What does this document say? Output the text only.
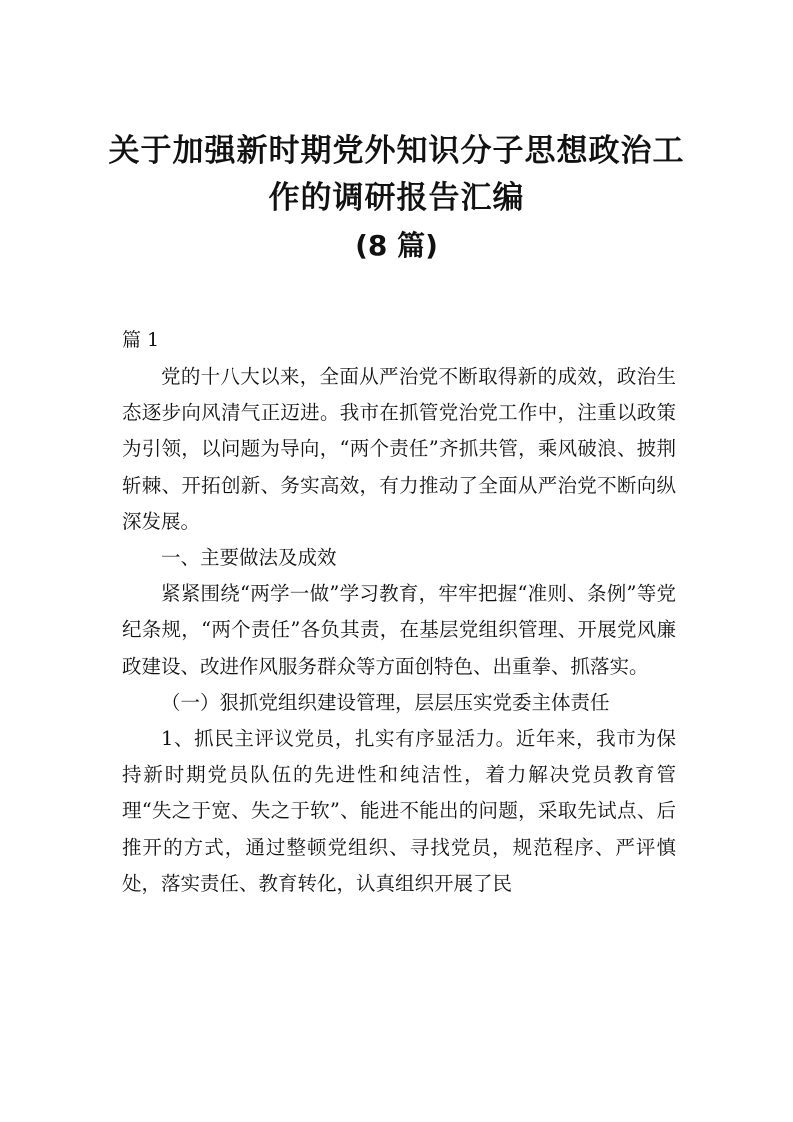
关于加强新时期党外知识分子思想政治工
作的调研报告汇编
(8 篇)
篇 1

党的十八大以来，全面从严治党不断取得新的成效，政治生态逐步向风清气正迈进。我市在抓管党治党工作中，注重以政策为引领，以问题为导向，“两个责任”齐抓共管，乘风破浪、披荆斩棘、开拓创新、务实高效，有力推动了全面从严治党不断向纵深发展。

一、主要做法及成效

紧紧围绕“两学一做”学习教育，牢牢把握“准则、条例”等党纪条规，“两个责任”各负其责，在基层党组织管理、开展党风廉政建设、改进作风服务群众等方面创特色、出重拳、抓落实。

（一）狠抓党组织建设管理，层层压实党委主体责任

1、抓民主评议党员，扎实有序显活力。近年来，我市为保持新时期党员队伍的先进性和纯洁性，着力解决党员教育管理“失之于宽、失之于软”、能进不能出的问题，采取先试点、后推开的方式，通过整顿党组织、寻找党员，规范程序、严评慎处，落实责任、教育转化，认真组织开展了民
